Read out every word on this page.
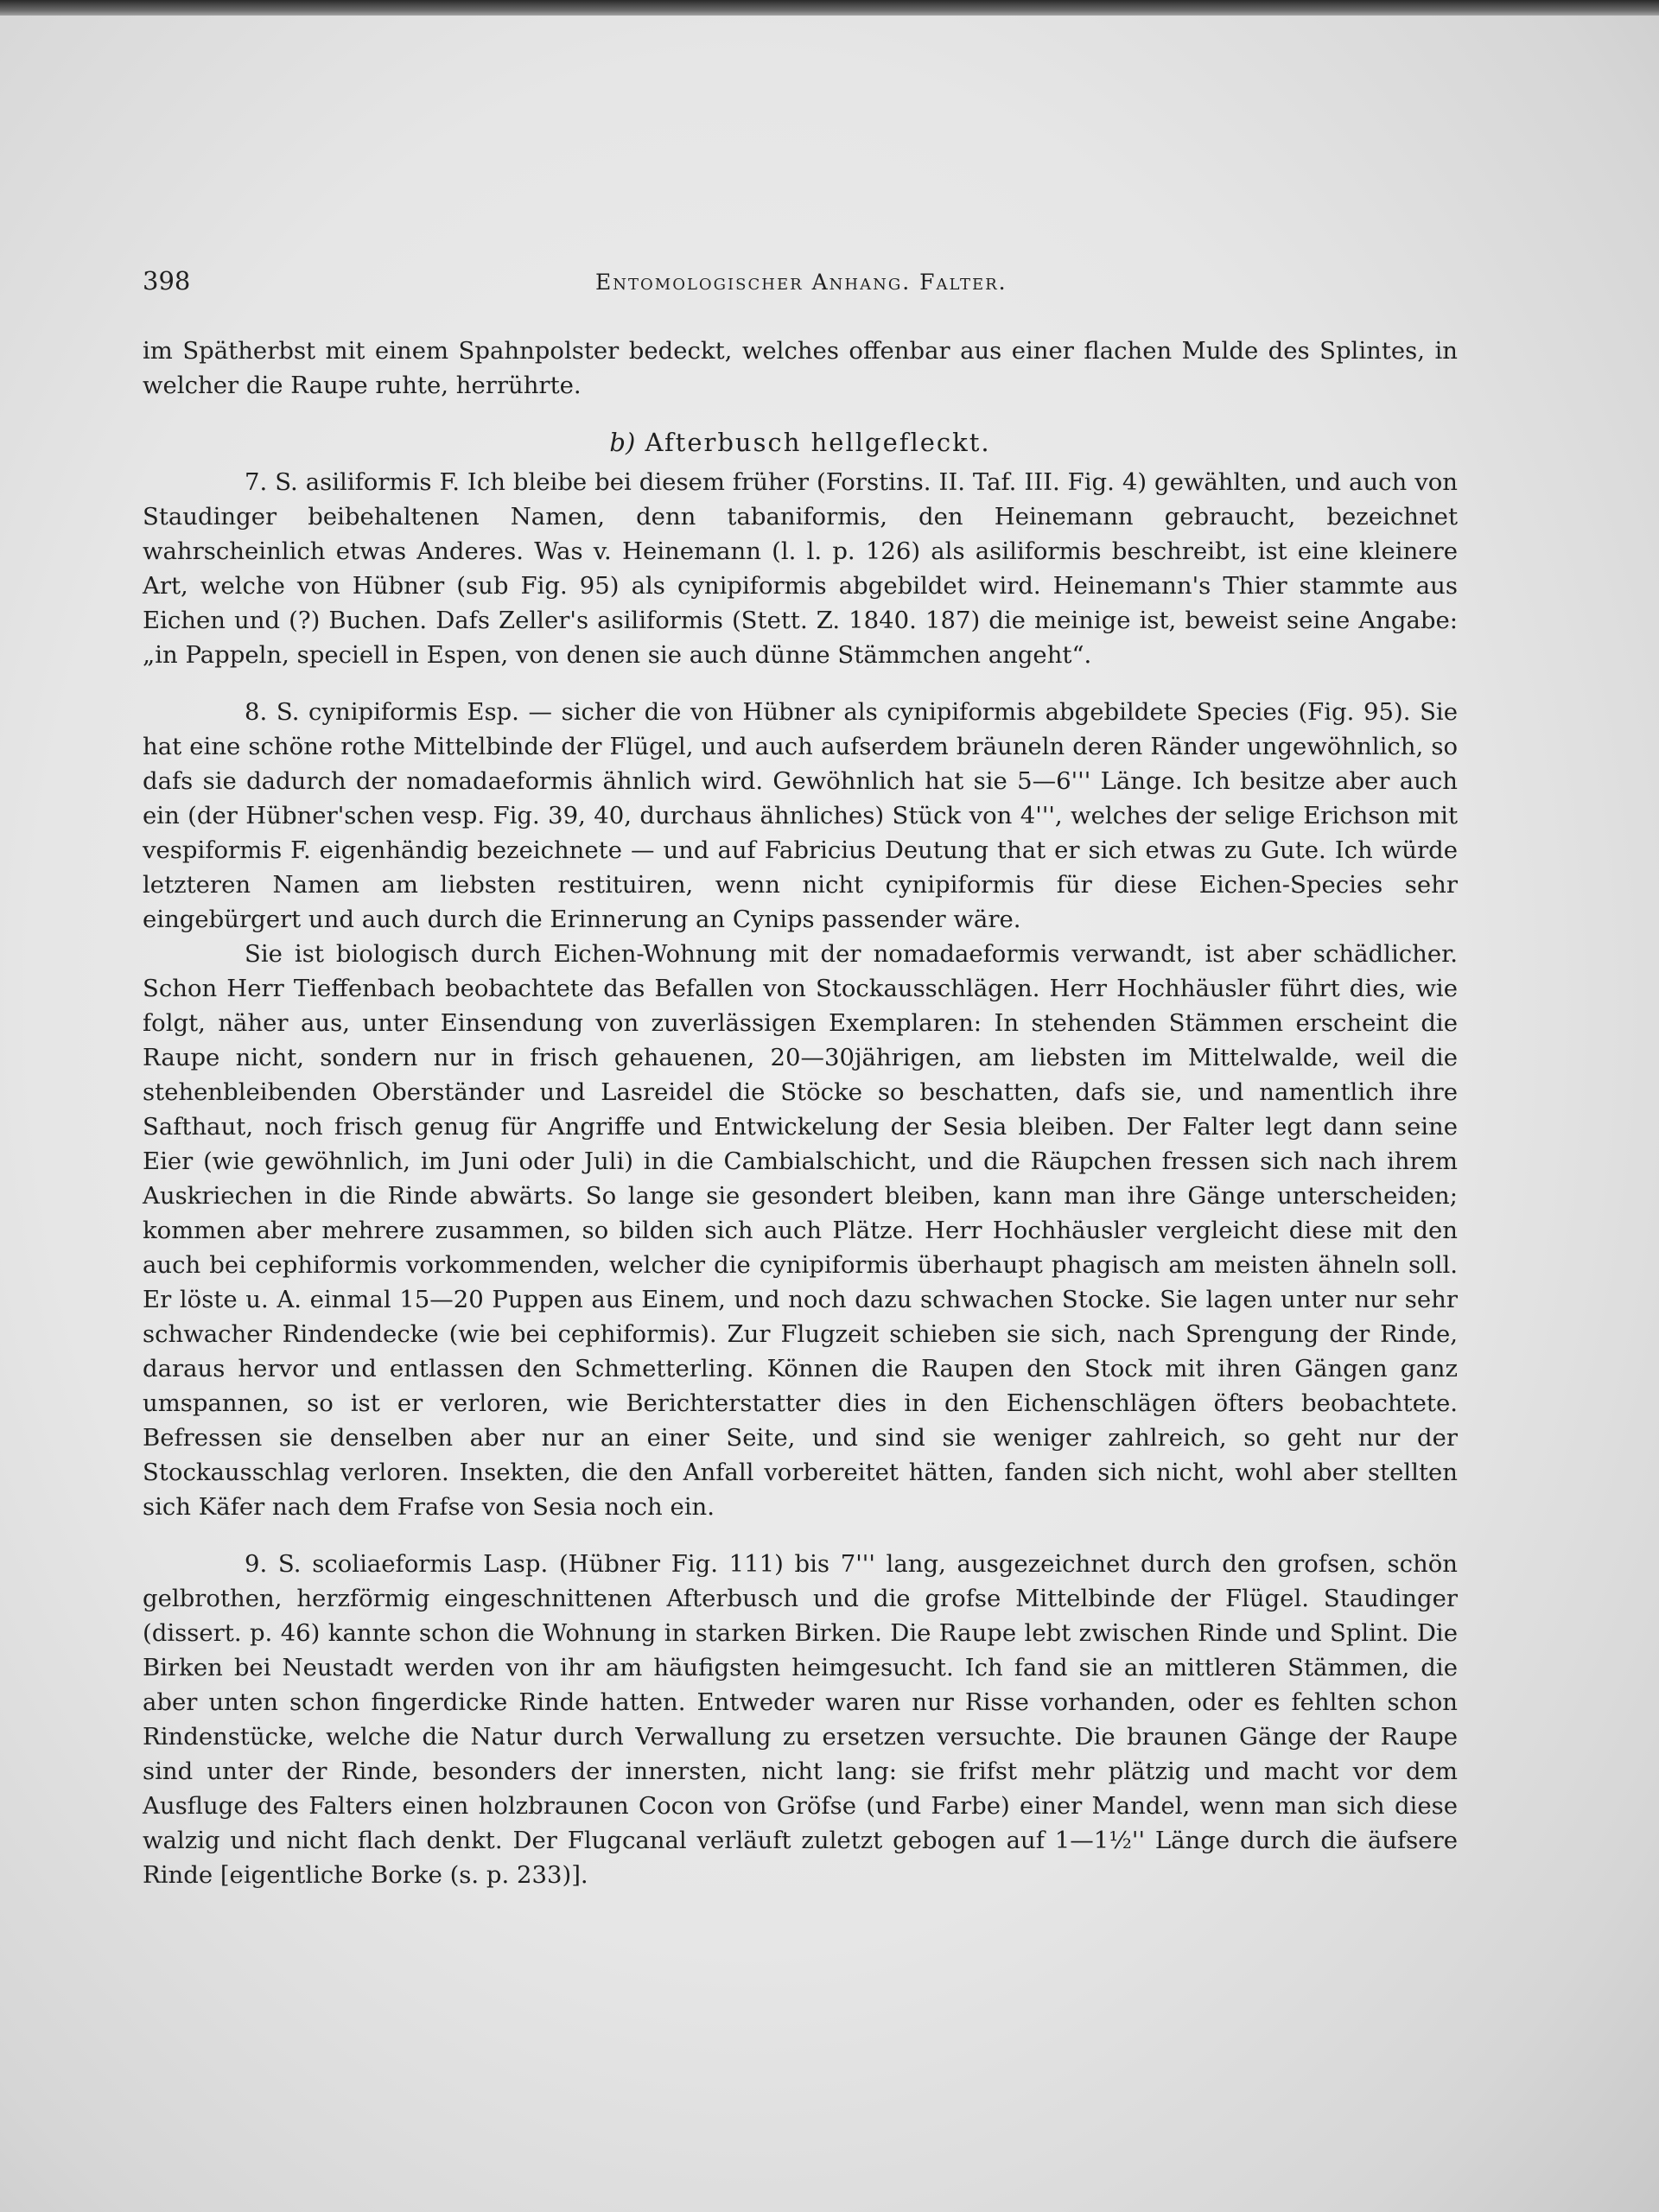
398	Entomologischer Anhang. Falter.

im Spätherbst mit einem Spahnpolster bedeckt, welches offenbar aus einer flachen Mulde des Splintes, in welcher die Raupe ruhte, herrührte.

b) Afterbusch hellgefleckt.

7. S. asiliformis F. Ich bleibe bei diesem früher (Forstins. II. Taf. III. Fig. 4) gewählten, und auch von Staudinger beibehaltenen Namen, denn tabaniformis, den Heinemann gebraucht, bezeichnet wahrscheinlich etwas Anderes. Was v. Heinemann (l. l. p. 126) als asiliformis beschreibt, ist eine kleinere Art, welche von Hübner (sub Fig. 95) als cynipiformis abgebildet wird. Heinemann's Thier stammte aus Eichen und (?) Buchen. Dafs Zeller's asiliformis (Stett. Z. 1840. 187) die meinige ist, beweist seine Angabe: „in Pappeln, speciell in Espen, von denen sie auch dünne Stämmchen angeht“.

8. S. cynipiformis Esp. — sicher die von Hübner als cynipiformis abgebildete Species (Fig. 95). Sie hat eine schöne rothe Mittelbinde der Flügel, und auch aufserdem bräuneln deren Ränder ungewöhnlich, so dafs sie dadurch der nomadaeformis ähnlich wird. Gewöhnlich hat sie 5—6''' Länge. Ich besitze aber auch ein (der Hübner'schen vesp. Fig. 39, 40, durchaus ähnliches) Stück von 4''', welches der selige Erichson mit vespiformis F. eigenhändig bezeichnete — und auf Fabricius Deutung that er sich etwas zu Gute. Ich würde letzteren Namen am liebsten restituiren, wenn nicht cynipiformis für diese Eichen-Species sehr eingebürgert und auch durch die Erinnerung an Cynips passender wäre.

Sie ist biologisch durch Eichen-Wohnung mit der nomadaeformis verwandt, ist aber schädlicher. Schon Herr Tieffenbach beobachtete das Befallen von Stockausschlägen. Herr Hochhäusler führt dies, wie folgt, näher aus, unter Einsendung von zuverlässigen Exemplaren: In stehenden Stämmen erscheint die Raupe nicht, sondern nur in frisch gehauenen, 20—30jährigen, am liebsten im Mittelwalde, weil die stehenbleibenden Oberständer und Lasreidel die Stöcke so beschatten, dafs sie, und namentlich ihre Safthaut, noch frisch genug für Angriffe und Entwickelung der Sesia bleiben. Der Falter legt dann seine Eier (wie gewöhnlich, im Juni oder Juli) in die Cambialschicht, und die Räupchen fressen sich nach ihrem Auskriechen in die Rinde abwärts. So lange sie gesondert bleiben, kann man ihre Gänge unterscheiden; kommen aber mehrere zusammen, so bilden sich auch Plätze. Herr Hochhäusler vergleicht diese mit den auch bei cephiformis vorkommenden, welcher die cynipiformis überhaupt phagisch am meisten ähneln soll. Er löste u. A. einmal 15—20 Puppen aus Einem, und noch dazu schwachen Stocke. Sie lagen unter nur sehr schwacher Rindendecke (wie bei cephiformis). Zur Flugzeit schieben sie sich, nach Sprengung der Rinde, daraus hervor und entlassen den Schmetterling. Können die Raupen den Stock mit ihren Gängen ganz umspannen, so ist er verloren, wie Berichterstatter dies in den Eichenschlägen öfters beobachtete. Befressen sie denselben aber nur an einer Seite, und sind sie weniger zahlreich, so geht nur der Stockausschlag verloren. Insekten, die den Anfall vorbereitet hätten, fanden sich nicht, wohl aber stellten sich Käfer nach dem Frafse von Sesia noch ein.

9. S. scoliaeformis Lasp. (Hübner Fig. 111) bis 7''' lang, ausgezeichnet durch den grofsen, schön gelbrothen, herzförmig eingeschnittenen Afterbusch und die grofse Mittelbinde der Flügel. Staudinger (dissert. p. 46) kannte schon die Wohnung in starken Birken. Die Raupe lebt zwischen Rinde und Splint. Die Birken bei Neustadt werden von ihr am häufigsten heimgesucht. Ich fand sie an mittleren Stämmen, die aber unten schon fingerdicke Rinde hatten. Entweder waren nur Risse vorhanden, oder es fehlten schon Rindenstücke, welche die Natur durch Verwallung zu ersetzen versuchte. Die braunen Gänge der Raupe sind unter der Rinde, besonders der innersten, nicht lang: sie frifst mehr plätzig und macht vor dem Ausfluge des Falters einen holzbraunen Cocon von Gröfse (und Farbe) einer Mandel, wenn man sich diese walzig und nicht flach denkt. Der Flugcanal verläuft zuletzt gebogen auf 1—1½'' Länge durch die äufsere Rinde [eigentliche Borke (s. p. 233)].
